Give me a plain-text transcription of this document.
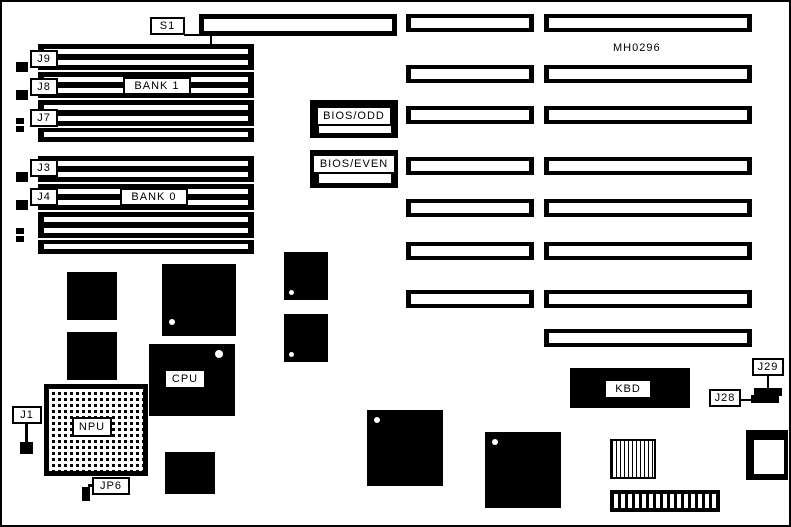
S1
MH0296
BIOS/ODD
BIOS/EVEN
J9
J8
J7
BANK 1
J3
J4	BANK 0
CPU
NPU
J1
JP6
KBD
J29
J28
